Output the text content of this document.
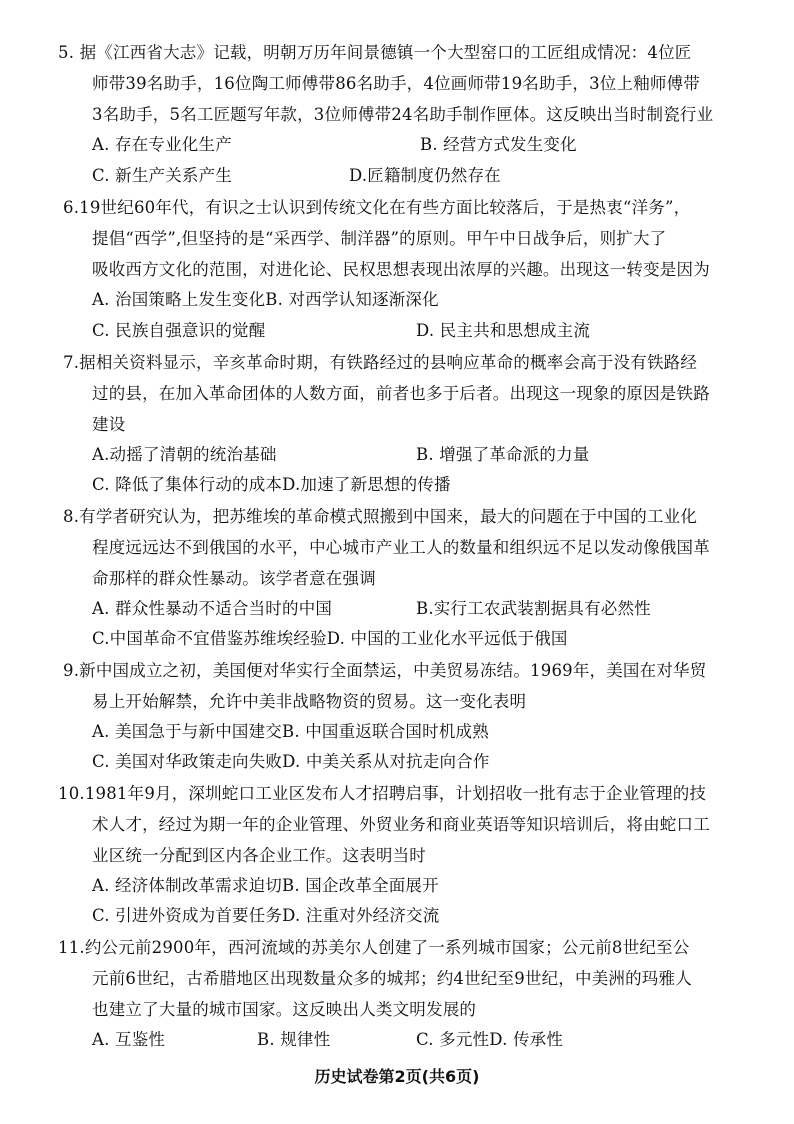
5. 据《江西省大志》记载，明朝万历年间景德镇一个大型窑口的工匠组成情况：4位匠
师带39名助手，16位陶工师傅带86名助手，4位画师带19名助手，3位上釉师傅带
3名助手，5名工匠题写年款，3位师傅带24名助手制作匣体。这反映出当时制瓷行业
A. 存在专业化生产	B. 经营方式发生变化
C. 新生产关系产生	D.匠籍制度仍然存在
6.19世纪60年代，有识之士认识到传统文化在有些方面比较落后，于是热衷“洋务”，
提倡“西学”,但坚持的是“采西学、制洋器”的原则。甲午中日战争后，则扩大了
吸收西方文化的范围，对进化论、民权思想表现出浓厚的兴趣。出现这一转变是因为
A. 治国策略上发生变化B. 对西学认知逐渐深化
C. 民族自强意识的觉醒	D. 民主共和思想成主流
7.据相关资料显示，辛亥革命时期，有铁路经过的县响应革命的概率会高于没有铁路经
过的县，在加入革命团体的人数方面，前者也多于后者。出现这一现象的原因是铁路
建设
A.动摇了清朝的统治基础	B. 增强了革命派的力量
C. 降低了集体行动的成本D.加速了新思想的传播
8.有学者研究认为，把苏维埃的革命模式照搬到中国来，最大的问题在于中国的工业化
程度远远达不到俄国的水平，中心城市产业工人的数量和组织远不足以发动像俄国革
命那样的群众性暴动。该学者意在强调
A. 群众性暴动不适合当时的中国	B.实行工农武装割据具有必然性
C.中国革命不宜借鉴苏维埃经验D. 中国的工业化水平远低于俄国
9.新中国成立之初，美国便对华实行全面禁运，中美贸易冻结。1969年，美国在对华贸
易上开始解禁，允许中美非战略物资的贸易。这一变化表明
A. 美国急于与新中国建交B. 中国重返联合国时机成熟
C. 美国对华政策走向失败D. 中美关系从对抗走向合作
10.1981年9月，深圳蛇口工业区发布人才招聘启事，计划招收一批有志于企业管理的技
术人才，经过为期一年的企业管理、外贸业务和商业英语等知识培训后，将由蛇口工
业区统一分配到区内各企业工作。这表明当时
A. 经济体制改革需求迫切B. 国企改革全面展开
C. 引进外资成为首要任务D. 注重对外经济交流
11.约公元前2900年，西河流域的苏美尔人创建了一系列城市国家；公元前8世纪至公
元前6世纪，古希腊地区出现数量众多的城邦；约4世纪至9世纪，中美洲的玛雅人
也建立了大量的城市国家。这反映出人类文明发展的
A. 互鉴性	B. 规律性	C. 多元性D. 传承性
历史试卷第2页(共6页)
